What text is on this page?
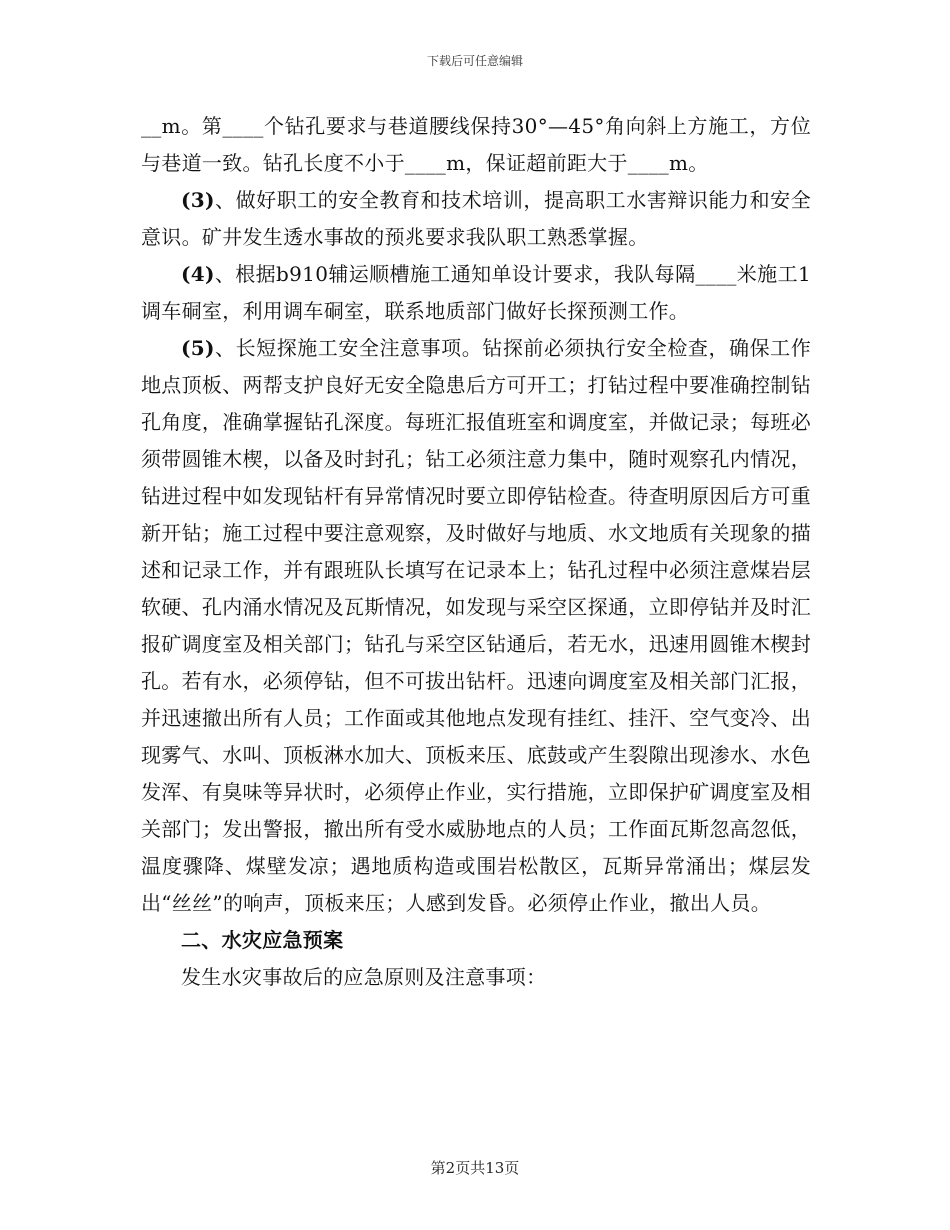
下载后可任意编辑

__m。第____个钻孔要求与巷道腰线保持30°—45°角向斜上方施工，方位与巷道一致。钻孔长度不小于____m，保证超前距大于____m。

(3)、做好职工的安全教育和技术培训，提高职工水害辩识能力和安全意识。矿井发生透水事故的预兆要求我队职工熟悉掌握。

(4)、根据b910辅运顺槽施工通知单设计要求，我队每隔____米施工1调车硐室，利用调车硐室，联系地质部门做好长探预测工作。

(5)、长短探施工安全注意事项。钻探前必须执行安全检查，确保工作地点顶板、两帮支护良好无安全隐患后方可开工；打钻过程中要准确控制钻孔角度，准确掌握钻孔深度。每班汇报值班室和调度室，并做记录；每班必须带圆锥木楔，以备及时封孔；钻工必须注意力集中，随时观察孔内情况，钻进过程中如发现钻杆有异常情况时要立即停钻检查。待查明原因后方可重新开钻；施工过程中要注意观察，及时做好与地质、水文地质有关现象的描述和记录工作，并有跟班队长填写在记录本上；钻孔过程中必须注意煤岩层软硬、孔内涌水情况及瓦斯情况，如发现与采空区探通，立即停钻并及时汇报矿调度室及相关部门；钻孔与采空区钻通后，若无水，迅速用圆锥木楔封孔。若有水，必须停钻，但不可拔出钻杆。迅速向调度室及相关部门汇报，并迅速撤出所有人员；工作面或其他地点发现有挂红、挂汗、空气变冷、出现雾气、水叫、顶板淋水加大、顶板来压、底鼓或产生裂隙出现渗水、水色发浑、有臭味等异状时，必须停止作业，实行措施，立即保护矿调度室及相关部门；发出警报，撤出所有受水威胁地点的人员；工作面瓦斯忽高忽低，温度骤降、煤壁发凉；遇地质构造或围岩松散区，瓦斯异常涌出；煤层发出“丝丝”的响声，顶板来压；人感到发昏。必须停止作业，撤出人员。

二、水灾应急预案

发生水灾事故后的应急原则及注意事项：

第2页共13页
